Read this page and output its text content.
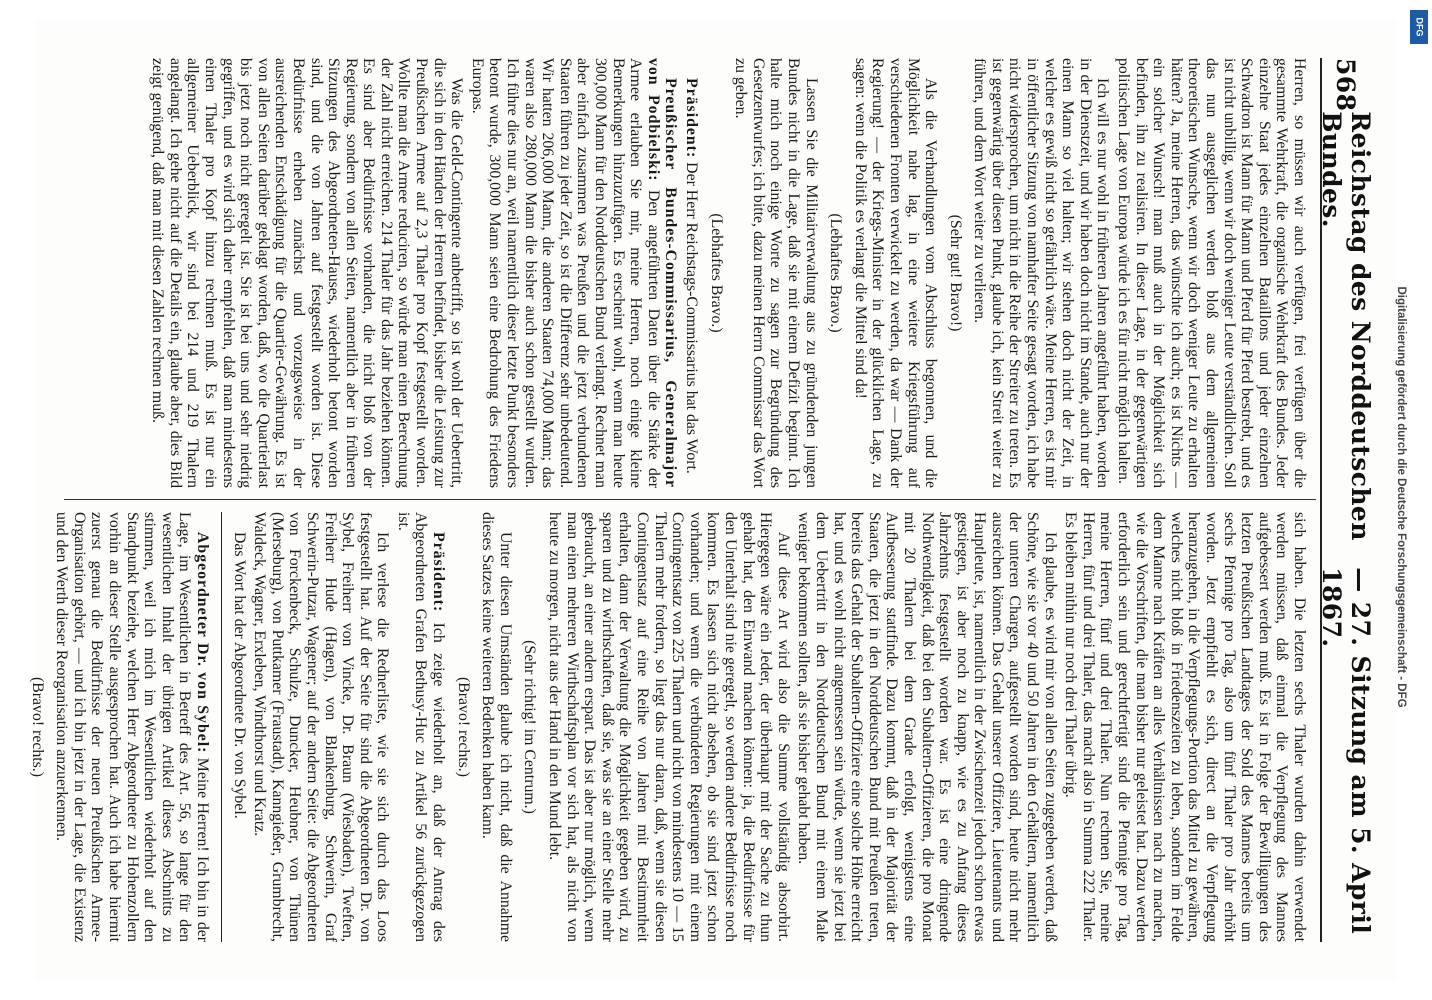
568
Reichstag des Norddeutschen Bundes.
— 27. Sitzung am 5. April 1867.

Herren, so müssen wir auch verfügen, frei verfügen über die gesammte Wehrkraft, die organische Wehrkraft des Bundes. Jeder einzelne Staat jedes einzelnen Bataillons und jeder einzelnen Schwadron ist Mann für Mann und Pferd für Pferd bestrebt, und es ist nicht unbillig, wenn wir doch weniger Leute verständlichen. Soll das nun ausgeglichen werden bloß aus dem allgemeinen theoretischen Wunsche, wenn wir doch weniger Leute zu erhalten hätten? Ja, meine Herren, das wünschte ich auch; es ist Nichts — ein solcher Wunsch! man muß auch in der Möglichkeit sich befinden, ihn zu realisiren. In dieser Lage, in der gegenwärtigen politischen Lage von Europa würde ich es für nicht möglich halten.

Ich will es nur wohl in früheren Jahren angeführt haben, worden in der Dienstzeit, und wir haben doch nicht im Stande, auch nur der einen Mann so viel halten; wir stehen doch nicht der Zeit, in welcher es gewiß nicht so gefährlich wäre. Meine Herren, es ist mir in öffentlicher Sitzung von namhafter Seite gesagt worden, ich habe nicht widersprochen, um nicht in die Reihe der Streiter zu treten. Es ist gegenwärtig über diesen Punkt, glaube ich, kein Streit weiter zu führen, und dem Wort weiter zu verlieren.

(Sehr gut! Bravo!)

Als die Verhandlungen vom Abschluss begonnen, und die Möglichkeit nahe lag, in eine weitere Kriegsführung auf verschiedenen Fronten verwickelt zu werden, da war — Dank der Regierung! — der Kriegs-Minister in der glücklichen Lage, zu sagen: wenn die Politik es verlangt die Mittel sind da!

(Lebhaftes Bravo.)

Lassen Sie die Militairverwaltung aus zu gründenden jungen Bundes nicht in die Lage, daß sie mit einem Defizit beginnt. Ich halte mich noch einige Worte zu sagen zur Begründung des Gesetzentwurfes; ich bitte, dazu meinen Herrn Commissar das Wort zu geben.

(Lebhaftes Bravo.)

Präsident: Der Herr Reichstags-Commissarius hat das Wort.

Preußischer Bundes-Commissarius, Generalmajor von Podbielski: Den angeführten Daten über die Stärke der Armee erlauben Sie mir, meine Herren, noch einige kleine Bemerkungen hinzuzufügen. Es erscheint wohl, wenn man heute 300,000 Mann für den Norddeutschen Bund verlangt. Rechnet man aber einfach zusammen was Preußen und die jetzt verbundenen Staaten führen zu jeder Zeit, so ist die Differenz sehr unbedeutend. Wir hatten 206,000 Mann, die anderen Staaten 74,000 Mann; das waren also 280,000 Mann die bisher auch schon gestellt wurden. Ich führe dies nur an, weil namentlich dieser letzte Punkt besonders betont wurde, 300,000 Mann seien eine Bedrohung des Friedens Europas.

Was die Geld-Contingente anbetrifft, so ist wohl der Uebertritt, die sich in den Händen der Herren befindet, bisher die Leistung zur Preußischen Armee auf 2,3 Thaler pro Kopf festgestellt worden. Wollte man die Armee reduciren, so würde man einen Berechnung der Zahl nicht erreichen. 214 Thaler für das Jahr beziehen können. Es sind aber Bedürfnisse vorhanden, die nicht bloß von der Regierung, sondern von allen Seiten, namentlich aber in früheren Sitzungen des Abgeordneten-Hauses, wiederholt betont worden sind, und die von Jahren auf festgestellt worden ist. Diese Bedürfnisse erheben zunächst und vorzugsweise in der ausreichenden Entschädigung für die Quartier-Gewährung. Es ist von allen Seiten darüber geklagt worden, daß, wo die Quartierlast bis jetzt noch nicht geregelt ist. Sie ist bei uns und sehr niedrig gegriffen, und es wird sich daher empfehlen, daß man mindestens einen Thaler pro Kopf hinzu rechnen muß. Es ist nur ein allgemeiner Ueberblick, wir sind bei 214 und 219 Thalern angelangt. Ich gehe nicht auf die Details ein, glaube aber, dies Bild zeigt genügend, daß man mit diesen Zahlen rechnen muß.

sich haben. Die letzten sechs Thaler wurden dahin verwendet werden müssen, daß einmal die Verpflegung des Mannes aufgebessert werden muß. Es ist in Folge der Bewilligungen des letzten Preußischen Landtages der Sold des Mannes bereits um sechs Pfennige pro Tag, also um fünf Thaler pro Jahr erhöht worden. Jetzt empfiehlt es sich, direct an die Verpflegung heranzugehen, in die Verpflegungs-Portion das Mittel zu gewähren, welches nicht bloß in Friedenszeiten zu leben, sondern im Felde dem Manne nach Kräften an alles Verhältnissen nach zu machen, wie die Vorschriften, die man bisher nur geleistet hat. Dazu werden erforderlich sein und gerechtfertigt sind die Pfennige pro Tag, meine Herren, fünf und drei Thaler. Nun rechnen Sie, meine Herren, fünf und drei Thaler, das macht also in Summa 222 Thaler. Es bleiben mithin nur noch drei Thaler übrig.

Ich glaube, es wird mir von allen Seiten zugegeben werden, daß Schöne, wie sie vor 40 und 50 Jahren in den Gehältern, namentlich der unteren Chargen, aufgestellt worden sind, heute nicht mehr ausreichen können. Das Gehalt unserer Offiziere, Lieutenants und Hauptleute, ist, namentlich in der Zwischenzeit jedoch schon etwas gestiegen, ist aber noch zu knapp, wie es zu Anfang dieses Jahrzehnts festgestellt worden war. Es ist eine dringende Nothwendigkeit, daß bei den Subaltern-Offizieren, die pro Monat mit 20 Thalern bei dem Grade erfolgt, wenigstens eine Aufbesserung stattfinde. Dazu kommt, daß in der Majorität der Staaten, die jetzt in den Norddeutschen Bund mit Preußen treten, bereits das Gehalt der Subaltern-Offiziere eine solche Höhe erreicht hat, und es wohl nicht angemessen sein würde, wenn sie jetzt bei dem Uebertritt in den Norddeutschen Bund mit einem Male weniger bekommen sollten, als sie bisher gehabt haben.

Auf diese Art wird also die Summe vollständig absorbirt. Hiergegen wäre ein Jeder, der überhaupt mit der Sache zu thun gehabt hat, den Einwand machen können: ja, die Bedürfnisse für den Unterhalt sind nie geregelt, so werden andere Bedürfnisse noch kommen. Es lassen sich nicht absehen, ob sie sind jetzt schon vorhanden; und wenn die verbündeten Regierungen mit einem Contingentsatz von 225 Thalern und nicht von mindestens 10 — 15 Thalern mehr fordern, so liegt das nur daran, daß, wenn sie diesen Contingentsatz auf eine Reihe von Jahren mit Bestimmtheit erhalten, dann der Verwaltung die Möglichkeit gegeben wird, zu sparen und zu wirthschaften, daß sie, was sie an einer Stelle mehr gebraucht, an einer andern erspart. Das ist aber nur möglich, wenn man einen mehreren Wirthschaftsplan vor sich hat, als nicht von heute zu morgen, nicht aus der Hand in den Mund lebt.

(Sehr richtig! im Centrum.)

Unter diesen Umständen glaube ich nicht, daß die Annahme dieses Satzes keine weiteren Bedenken haben kann.

(Bravo! rechts.)

Präsident: Ich zeige wiederholt an, daß der Antrag des Abgeordneten Grafen Bethusy-Huc zu Artikel 56 zurückgezogen ist.

Ich verlese die Rednerliste, wie sie sich durch das Loos festgestellt hat. Auf der Seite für sind die Abgeordneten Dr. von Sybel, Freiherr von Vincke, Dr. Braun (Wiesbaden), Tweften, Freiherr Hude (Hagen), von Blankenburg, Schwerin, Graf Schwerin-Putzar, Wagener; auf der andern Seite: die Abgeordneten von Forckenbeck, Schulze, Duncker, Heubner, von Thünen (Merseburg), von Puttkamer (Fraustadt), Kanngießer, Grumbrecht, Waldeck, Wagner, Erxleben, Windthorst und Kratz.

Das Wort hat der Abgeordnete Dr. von Sybel.

Abgeordneter Dr. von Sybel: Meine Herren! Ich bin in der Lage, im Wesentlichen in Betreff des Art. 56, so lange für den wesentlichen Inhalt der übrigen Artikel dieses Abschnitts zu stimmen, weil ich mich im Wesentlichen wiederholt auf den Standpunkt beziehe, welchen Herr Abgeordneter zu Hohenzollern vorhin an dieser Stelle ausgesprochen hat. Auch ich habe hiermit zuerst genau die Bedürfnisse der neuen Preußischen Armee-Organisation gehört, — und ich bin jetzt in der Lage, die Existenz und den Werth dieser Reorganisation anzuerkennen.

(Bravo! rechts.)

Digitalisierung gefördert durch die Deutsche Forschungsgemeinschaft - DFG
DFG
